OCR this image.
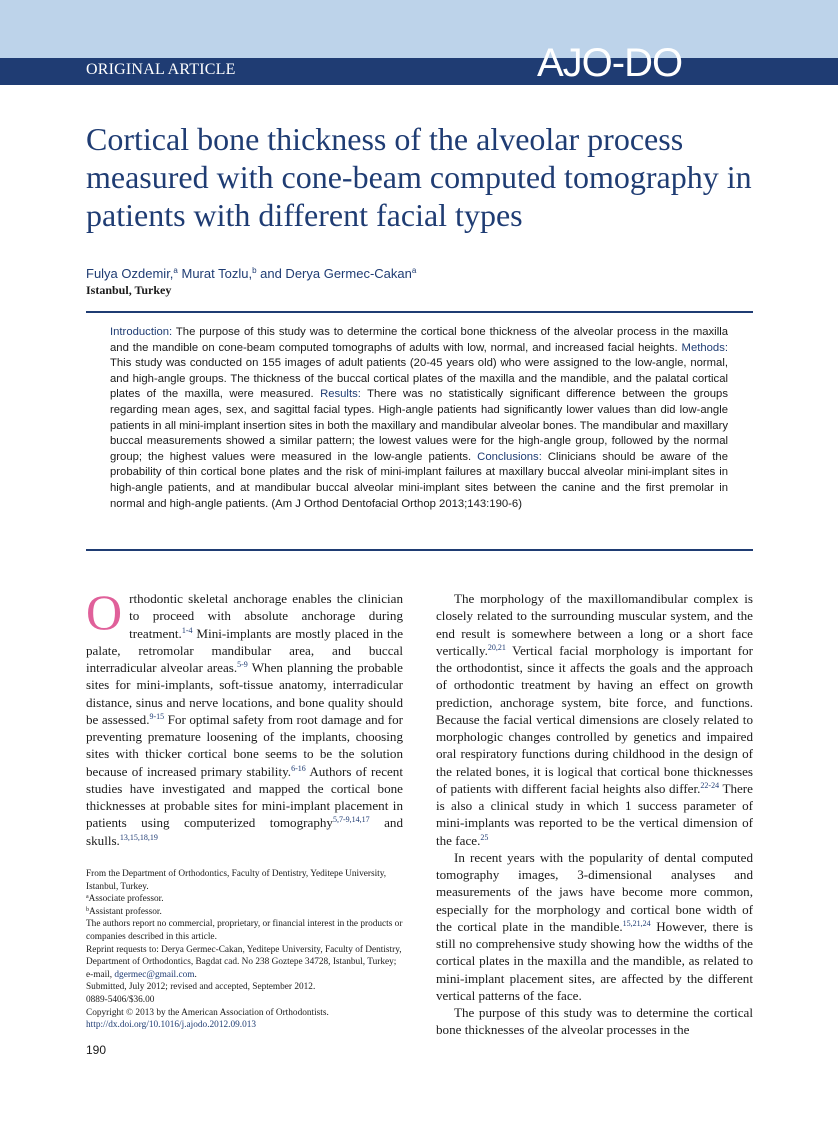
ORIGINAL ARTICLE	AJO-DO
Cortical bone thickness of the alveolar process measured with cone-beam computed tomography in patients with different facial types
Fulya Ozdemir,$^a$ Murat Tozlu,$^b$ and Derya Germec-Cakan$^a$
Istanbul, Turkey

Introduction: The purpose of this study was to determine the cortical bone thickness of the alveolar process in the maxilla and the mandible on cone-beam computed tomographs of adults with low, normal, and increased facial heights. Methods: This study was conducted on 155 images of adult patients (20-45 years old) who were assigned to the low-angle, normal, and high-angle groups. The thickness of the buccal cortical plates of the maxilla and the mandible, and the palatal cortical plates of the maxilla, were measured. Results: There was no statistically significant difference between the groups regarding mean ages, sex, and sagittal facial types. High-angle patients had significantly lower values than did low-angle patients in all mini-implant insertion sites in both the maxillary and mandibular alveolar bones. The mandibular and maxillary buccal measurements showed a similar pattern; the lowest values were for the high-angle group, followed by the normal group; the highest values were measured in the low-angle patients. Conclusions: Clinicians should be aware of the probability of thin cortical bone plates and the risk of mini-implant failures at maxillary buccal alveolar mini-implant sites in high-angle patients, and at mandibular buccal alveolar mini-implant sites between the canine and the first premolar in normal and high-angle patients. (Am J Orthod Dentofacial Orthop 2013;143:190-6)

Orthodontic skeletal anchorage enables the clinician to proceed with absolute anchorage during treatment.$^{1-4}$ Mini-implants are mostly placed in the palate, retromolar mandibular area, and buccal interradicular alveolar areas.$^{5-9}$ When planning the probable sites for mini-implants, soft-tissue anatomy, interradicular distance, sinus and nerve locations, and bone quality should be assessed.$^{9-15}$ For optimal safety from root damage and for preventing premature loosening of the implants, choosing sites with thicker cortical bone seems to be the solution because of increased primary stability.$^{6-16}$ Authors of recent studies have investigated and mapped the cortical bone thicknesses at probable sites for mini-implant placement in patients using computerized tomography$^{5,7-9,14,17}$ and skulls.$^{13,15,18,19}$

From the Department of Orthodontics, Faculty of Dentistry, Yeditepe University, Istanbul, Turkey.
$^a$Associate professor.
$^b$Assistant professor.
The authors report no commercial, proprietary, or financial interest in the products or companies described in this article.
Reprint requests to: Derya Germec-Cakan, Yeditepe University, Faculty of Dentistry, Department of Orthodontics, Bagdat cad. No 238 Goztepe 34728, Istanbul, Turkey; e-mail, dgermec@gmail.com.
Submitted, July 2012; revised and accepted, September 2012.
0889-5406/$36.00
Copyright © 2013 by the American Association of Orthodontists.
http://dx.doi.org/10.1016/j.ajodo.2012.09.013
190

The morphology of the maxillomandibular complex is closely related to the surrounding muscular system, and the end result is somewhere between a long or a short face vertically.$^{20,21}$ Vertical facial morphology is important for the orthodontist, since it affects the goals and the approach of orthodontic treatment by having an effect on growth prediction, anchorage system, bite force, and functions. Because the facial vertical dimensions are closely related to morphologic changes controlled by genetics and impaired oral respiratory functions during childhood in the design of the related bones, it is logical that cortical bone thicknesses of patients with different facial heights also differ.$^{22-24}$ There is also a clinical study in which 1 success parameter of mini-implants was reported to be the vertical dimension of the face.$^{25}$

In recent years with the popularity of dental computed tomography images, 3-dimensional analyses and measurements of the jaws have become more common, especially for the morphology and cortical bone width of the cortical plate in the mandible.$^{15,21,24}$ However, there is still no comprehensive study showing how the widths of the cortical plates in the maxilla and the mandible, as related to mini-implant placement sites, are affected by the different vertical patterns of the face.

The purpose of this study was to determine the cortical bone thicknesses of the alveolar processes in the
